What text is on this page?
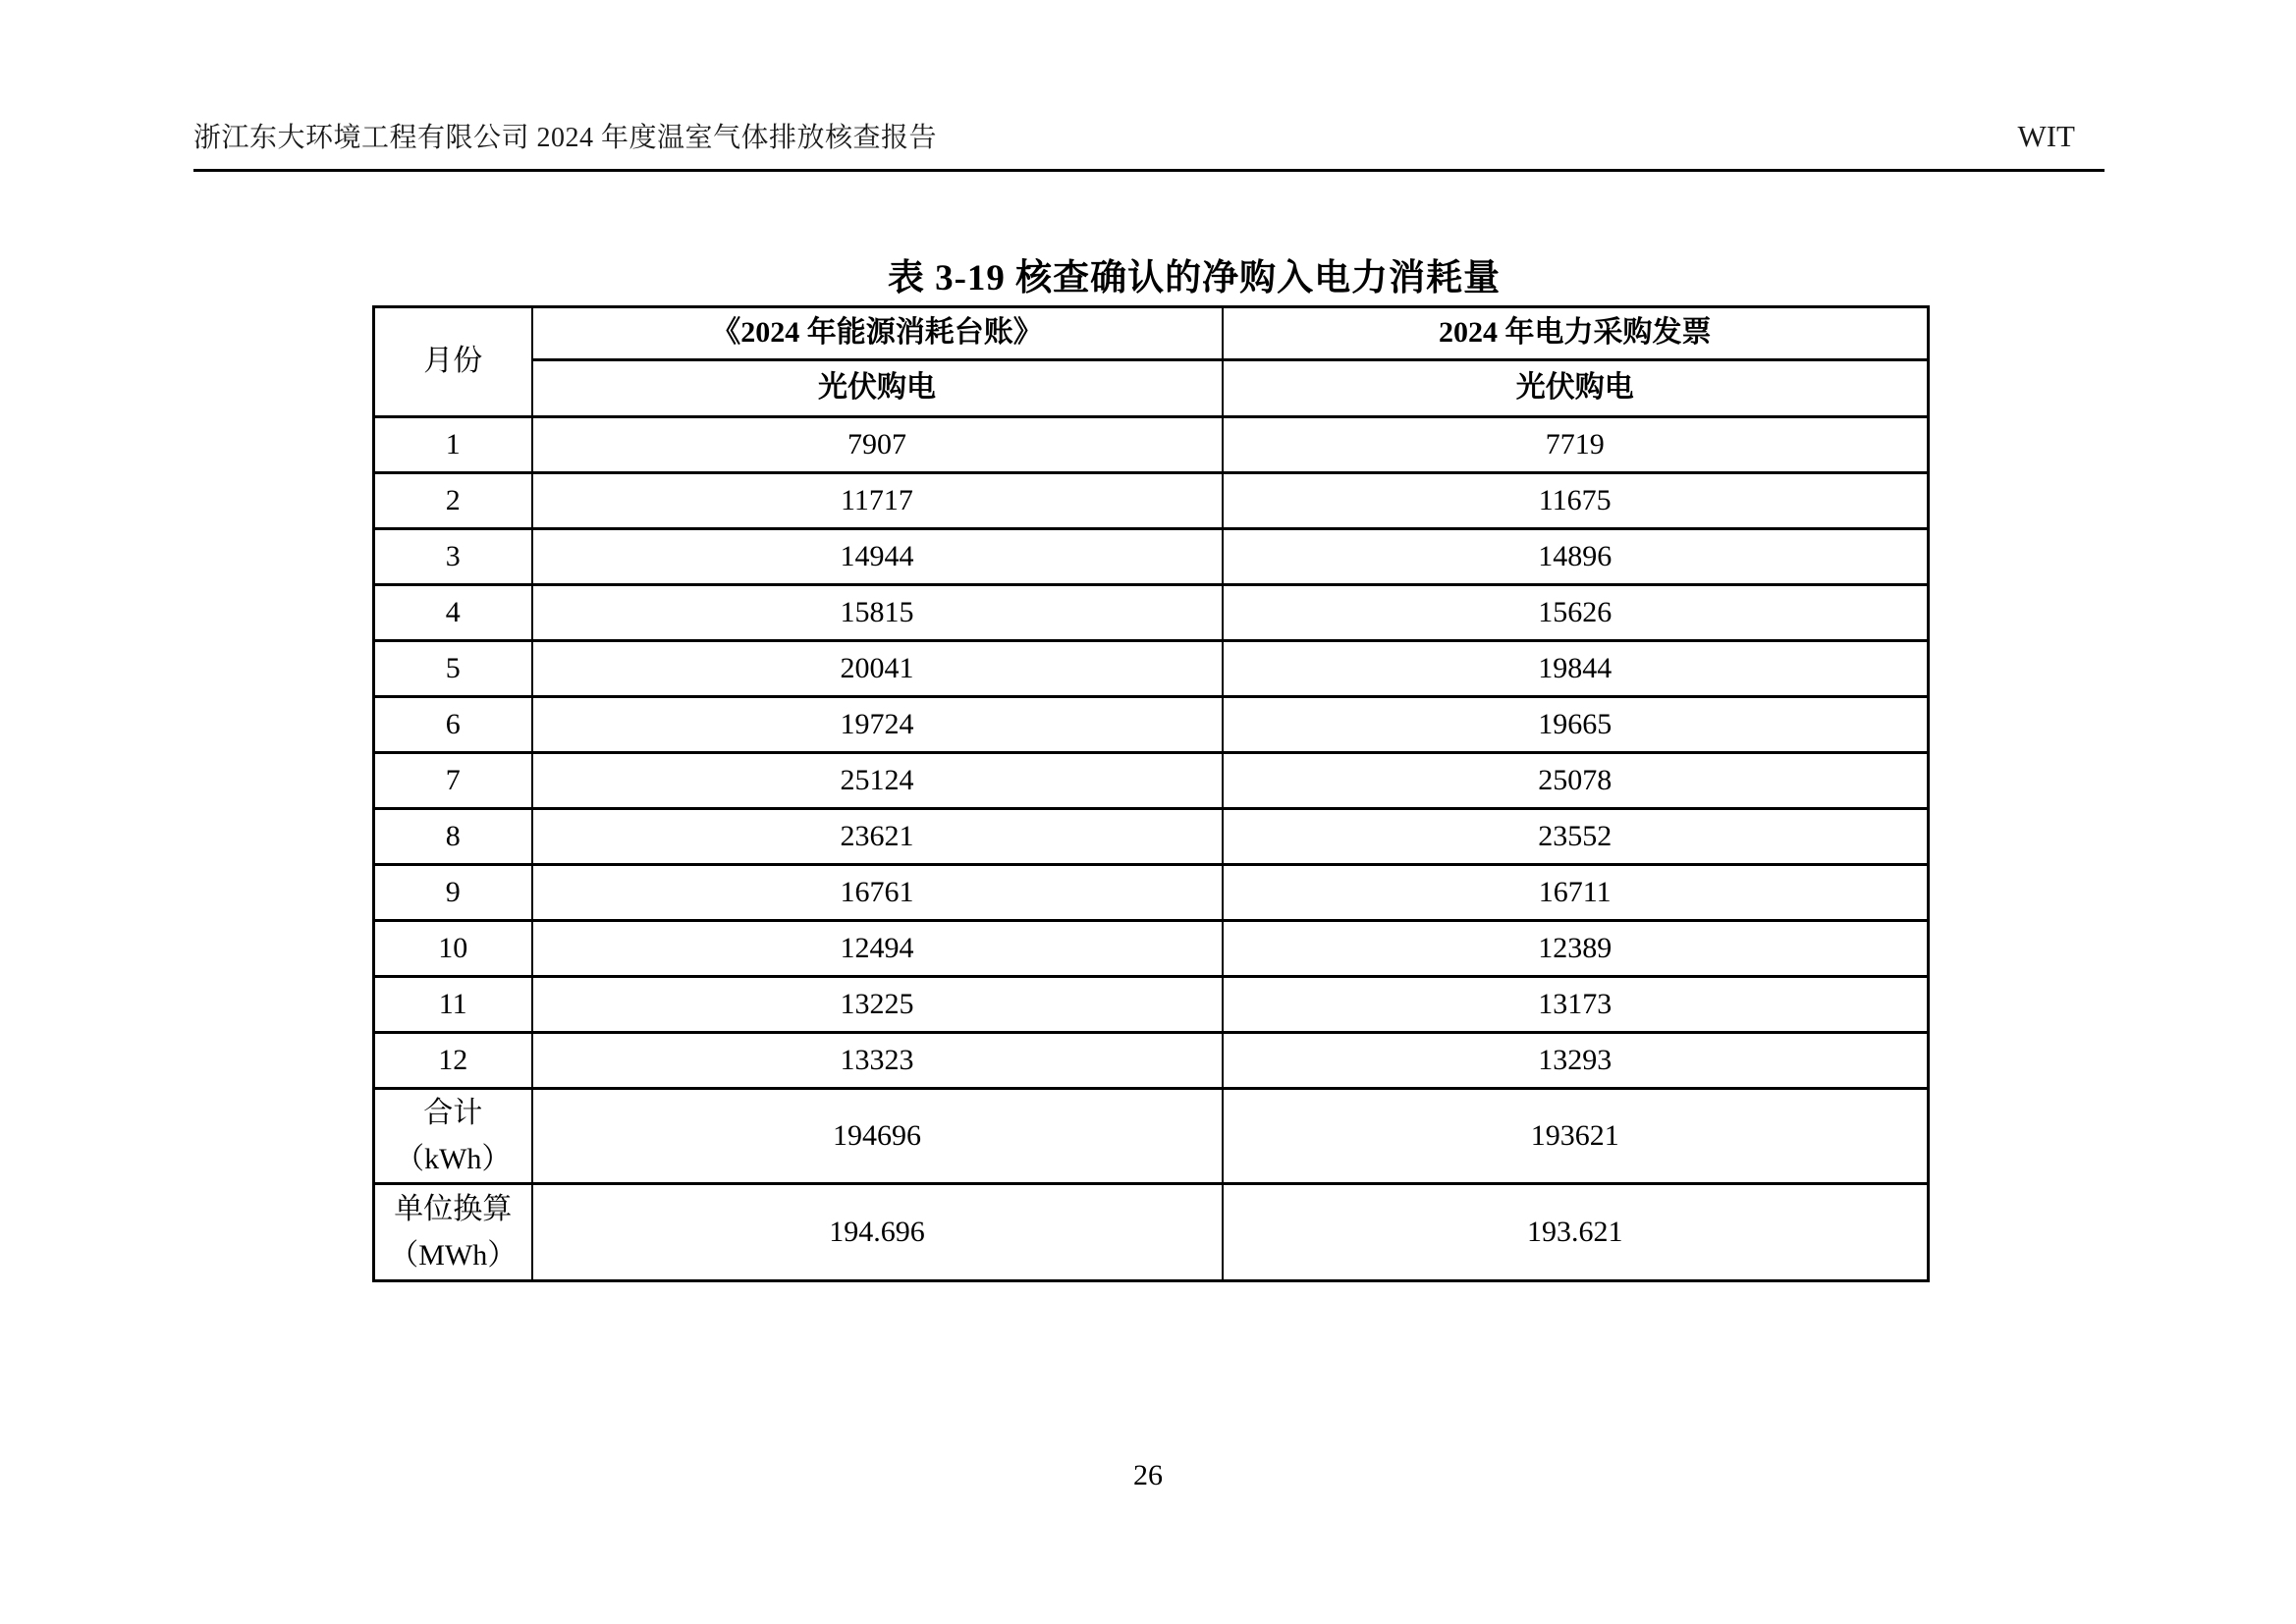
浙江东大环境工程有限公司 2024 年度温室气体排放核查报告	WIT
表 3-19 核查确认的净购入电力消耗量
月份	《2024 年能源消耗台账》	2024 年电力采购发票
	光伏购电	光伏购电
1	7907	7719
2	11717	11675
3	14944	14896
4	15815	15626
5	20041	19844
6	19724	19665
7	25124	25078
8	23621	23552
9	16761	16711
10	12494	12389
11	13225	13173
12	13323	13293

合计
（kWh）	194696	193621

单位换算
（MWh）	194.696	193.621
26
